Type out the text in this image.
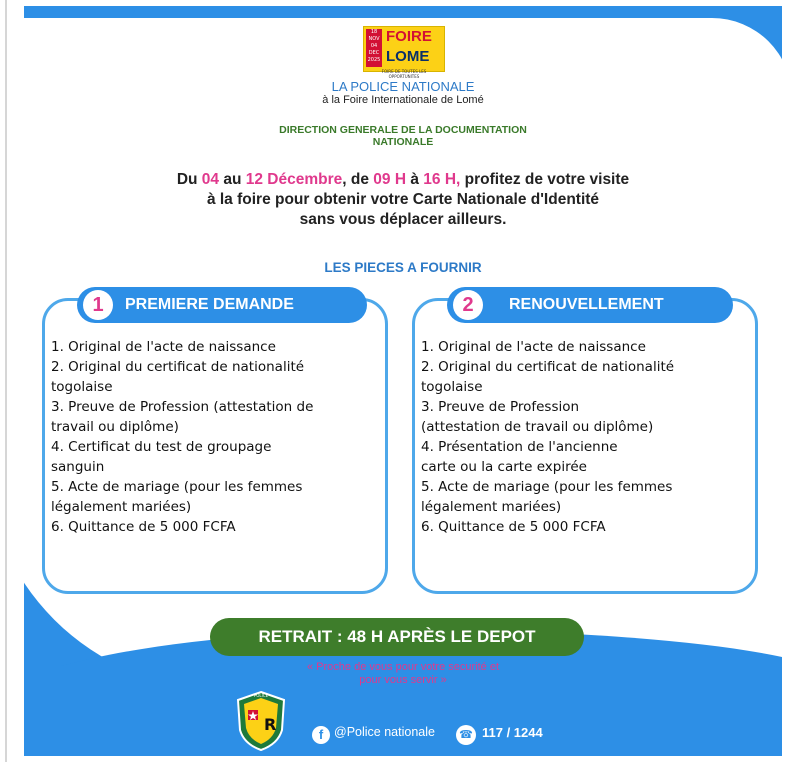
18 NOV
04 DEC
2025
FOIRE
LOME
FOIRE DE TOUTES LES OPPORTUNITES
LA POLICE NATIONALE
à la Foire Internationale de Lomé
DIRECTION GENERALE DE LA DOCUMENTATION
NATIONALE
Du 04 au 12 Décembre, de 09 H à 16 H, profitez de votre visite
à la foire pour obtenir votre Carte Nationale d'Identité
sans vous déplacer ailleurs.
LES PIECES A FOURNIR
1	PREMIERE DEMANDE
1. Original de l'acte de naissance
2. Original du certificat de nationalité
togolaise
3. Preuve de Profession (attestation de
travail ou diplôme)
4. Certificat du test de groupage
sanguin
5. Acte de mariage (pour les femmes
légalement mariées)
6. Quittance de 5 000 FCFA
2	RENOUVELLEMENT
1. Original de l'acte de naissance
2. Original du certificat de nationalité
togolaise
3. Preuve de Profession
(attestation de travail ou diplôme)
4. Présentation de l'ancienne
carte ou la carte expirée
5. Acte de mariage (pour les femmes
légalement mariées)
6. Quittance de 5 000 FCFA
RETRAIT : 48 H APRÈS LE DEPOT
« Proche de vous pour votre securité et
pour vous servir »
R
POLICE
f @Police nationale ☎ 117 / 1244
